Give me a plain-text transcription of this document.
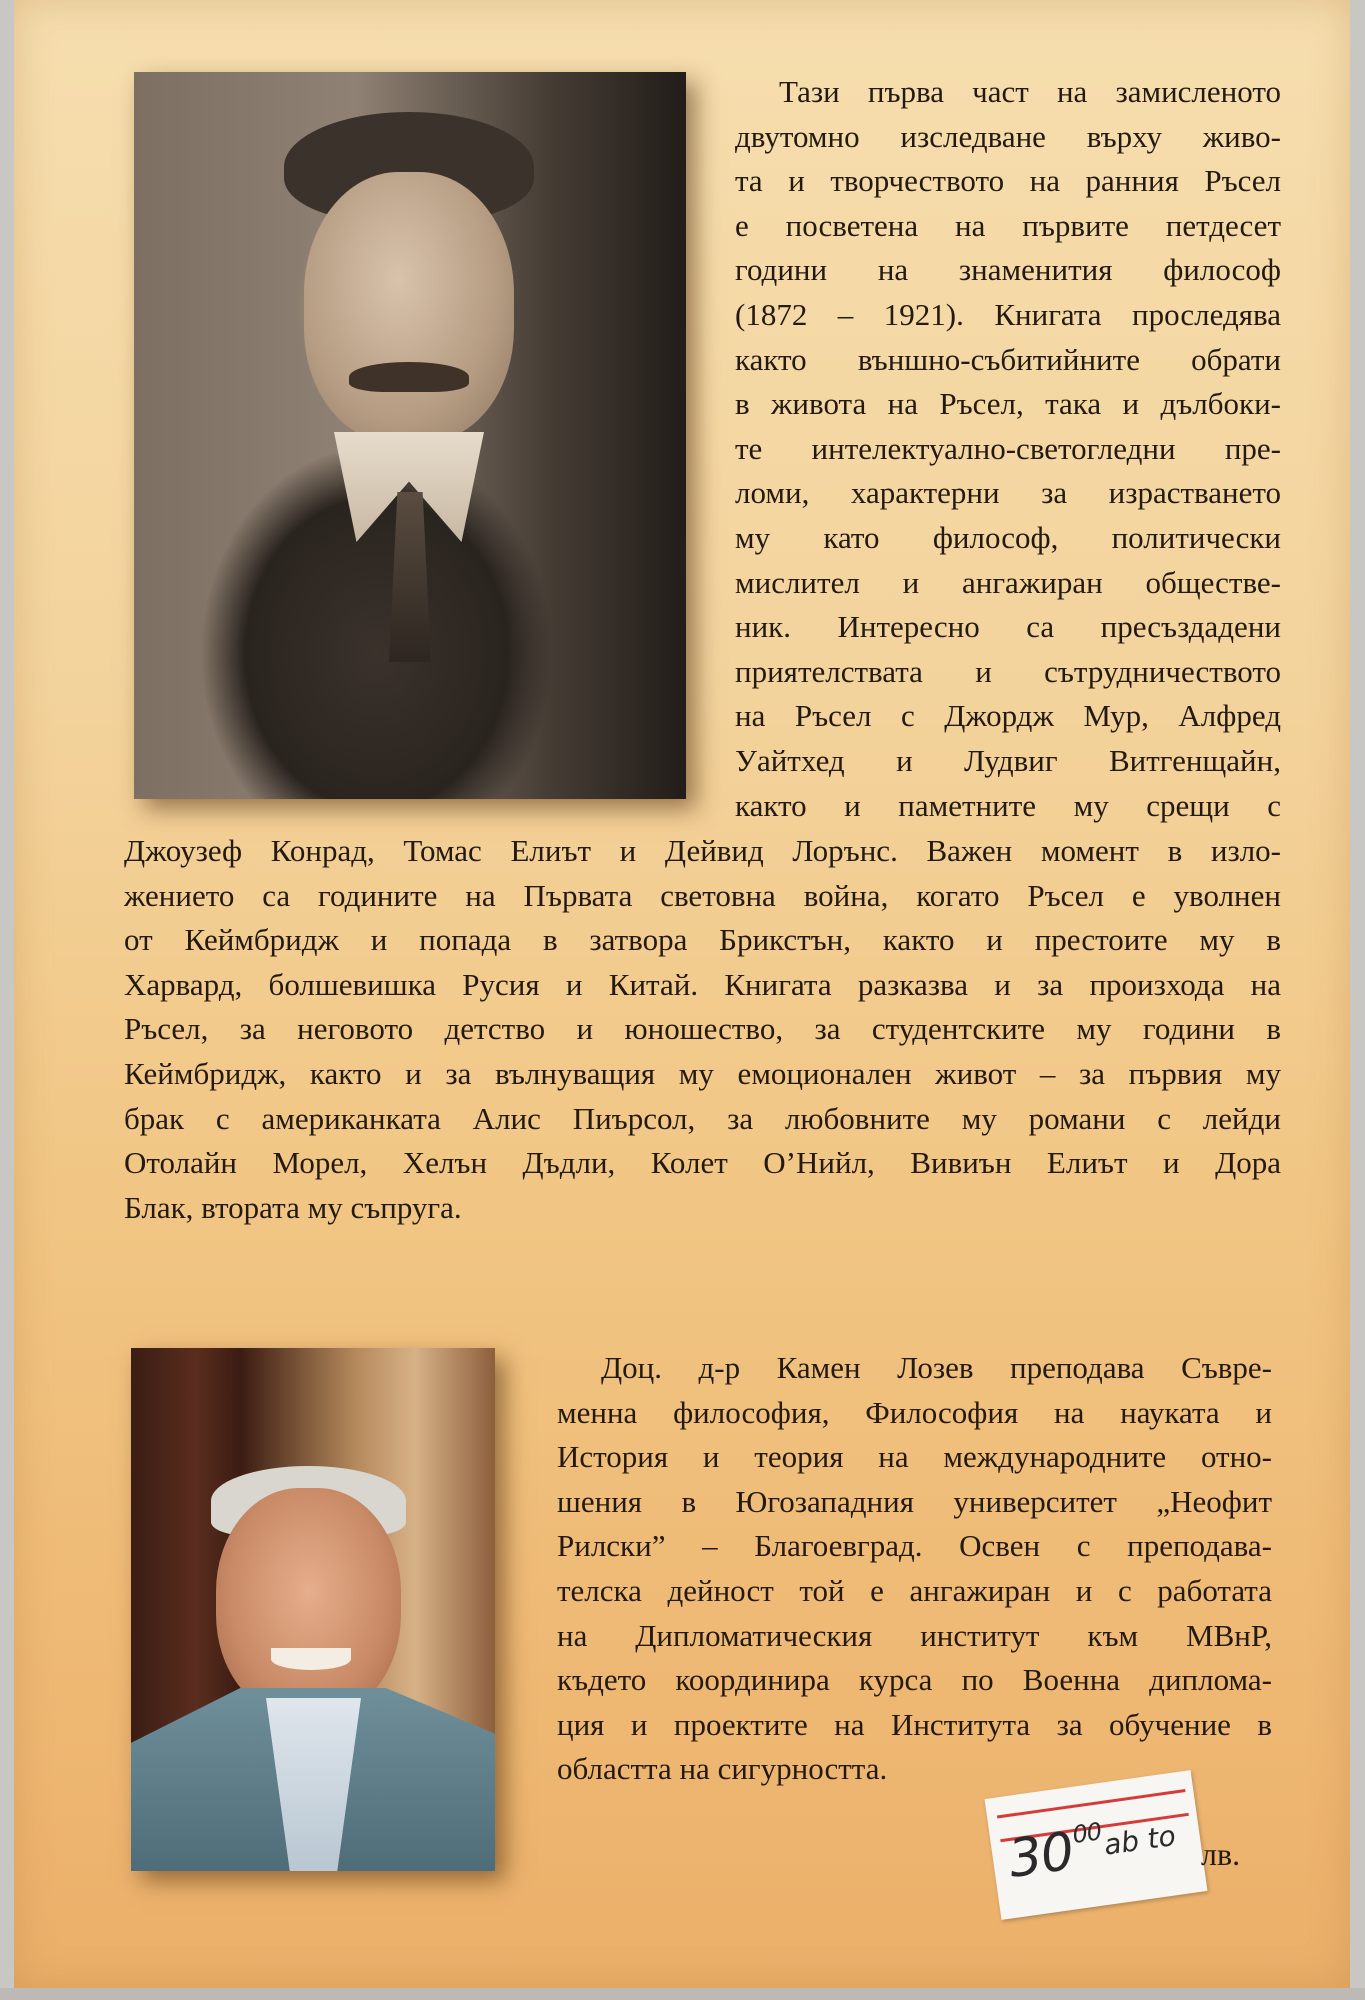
Тази първа част на замисленото
двутомно изследване върху живо-
та и творчеството на ранния Ръсел
е посветена на първите петдесет
години на знаменития философ
(1872 – 1921). Книгата проследява
както външно-събитийните обрати
в живота на Ръсел, така и дълбоки-
те интелектуално-светогледни пре-
ломи, характерни за израстването
му като философ, политически
мислител и ангажиран обществе-
ник. Интересно са пресъздадени
приятелствата и сътрудничеството
на Ръсел с Джордж Мур, Алфред
Уайтхед и Лудвиг Витгенщайн,
както и паметните му срещи с

Джоузеф Конрад, Томас Елиът и Дейвид Лорънс. Важен момент в изло-
жението са годините на Първата световна война, когато Ръсел е уволнен
от Кеймбридж и попада в затвора Брикстън, както и престоите му в
Харвард, болшевишка Русия и Китай. Книгата разказва и за произхода на
Ръсел, за неговото детство и юношество, за студентските му години в
Кеймбридж, както и за вълнуващия му емоционален живот – за първия му
брак с американката Алис Пиърсол, за любовните му романи с лейди
Отолайн Морел, Хелън Дъдли, Колет О’Нийл, Вивиън Елиът и Дора
Блак, втората му съпруга.

Доц. д-р Камен Лозев преподава Съвре-
менна философия, Философия на науката и
История и теория на международните отно-
шения в Югозападния университет „Неофит
Рилски” – Благоевград. Освен с преподава-
телска дейност той е ангажиран и с работата
на Дипломатическия институт към МВнР,
където координира курса по Военна диплома-
ция и проектите на Института за обучение в
областта на сигурността.

$30^{00}$ ab to лв.
